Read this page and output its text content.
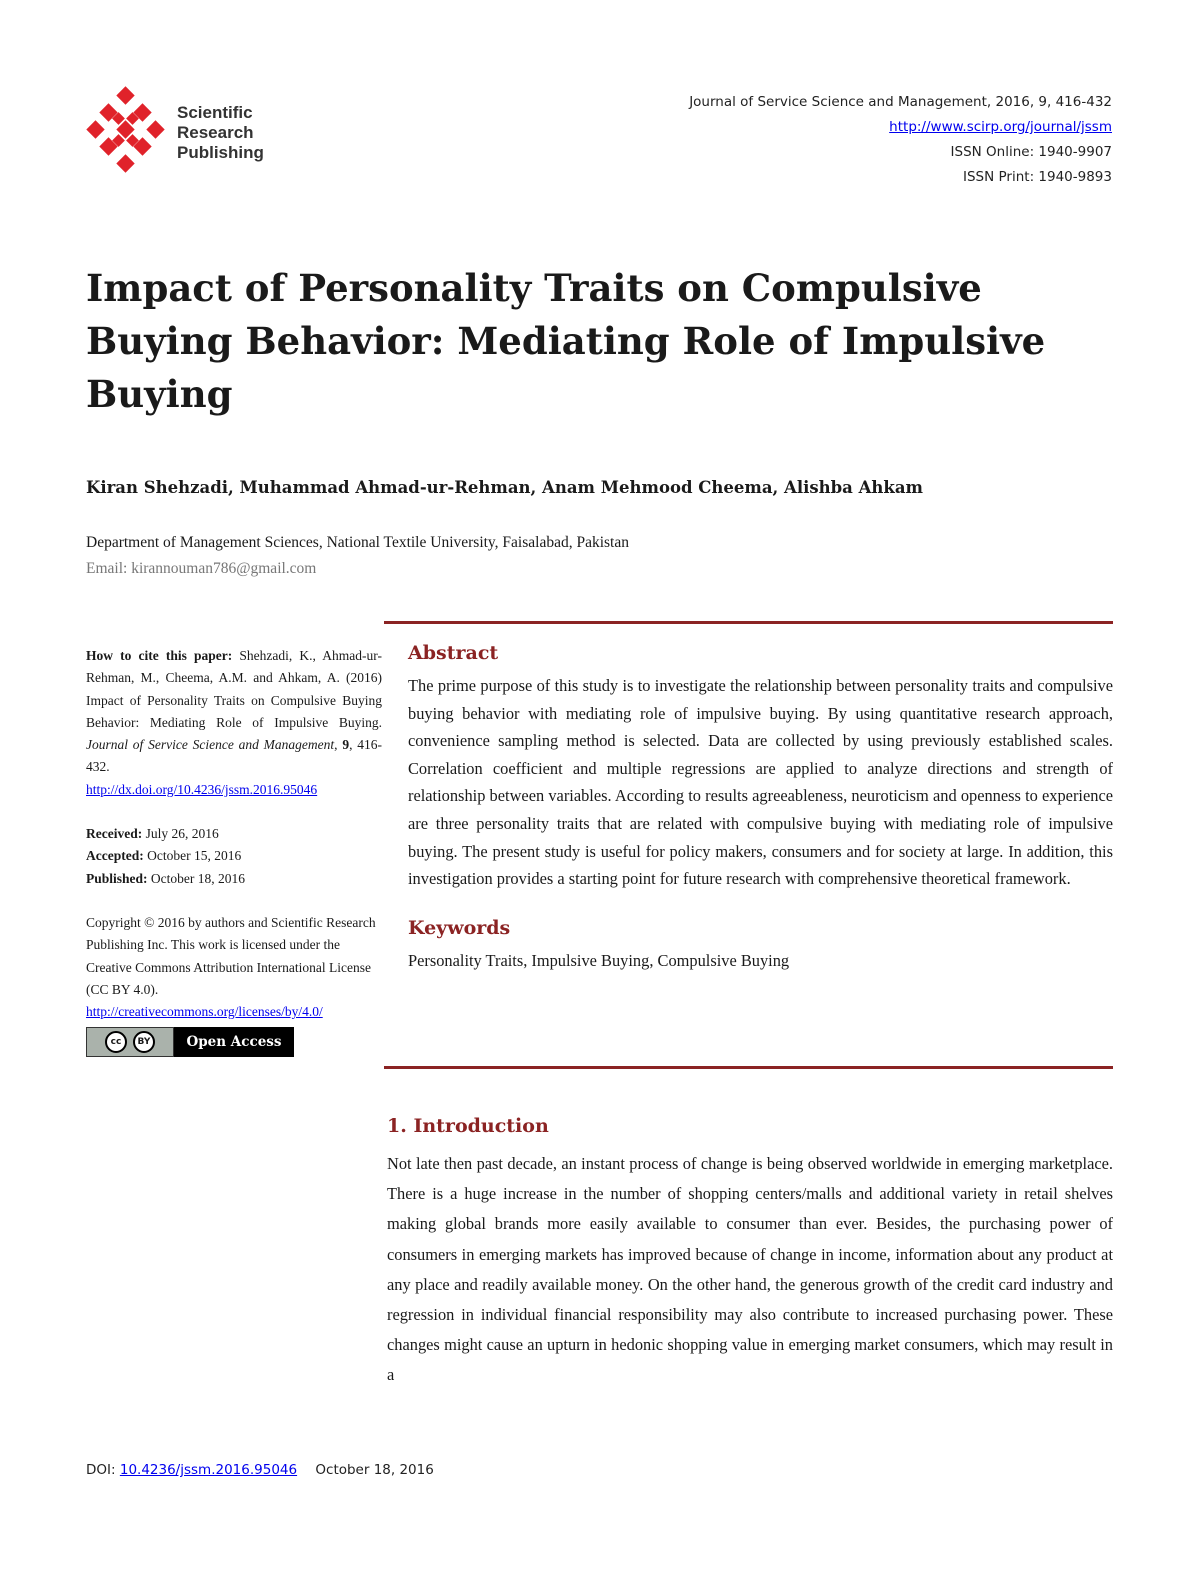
Scientific
Research
Publishing
Journal of Service Science and Management, 2016, 9, 416-432
http://www.scirp.org/journal/jssm
ISSN Online: 1940-9907
ISSN Print: 1940-9893
Impact of Personality Traits on Compulsive Buying Behavior: Mediating Role of Impulsive Buying

Kiran Shehzadi, Muhammad Ahmad-ur-Rehman, Anam Mehmood Cheema, Alishba Ahkam

Department of Management Sciences, National Textile University, Faisalabad, Pakistan
Email: kirannouman786@gmail.com
How to cite this paper: Shehzadi, K., Ahmad-ur-Rehman, M., Cheema, A.M. and Ahkam, A. (2016) Impact of Personality Traits on Compulsive Buying Behavior: Mediating Role of Impulsive Buying. Journal of Service Science and Management, 9, 416-432.
http://dx.doi.org/10.4236/jssm.2016.95046
Received: July 26, 2016
Accepted: October 15, 2016
Published: October 18, 2016
Copyright © 2016 by authors and Scientific Research Publishing Inc. This work is licensed under the Creative Commons Attribution International License (CC BY 4.0).
http://creativecommons.org/licenses/by/4.0/
cc	BY	Open Access
Abstract

The prime purpose of this study is to investigate the relationship between personality traits and compulsive buying behavior with mediating role of impulsive buying. By using quantitative research approach, convenience sampling method is selected. Data are collected by using previously established scales. Correlation coefficient and multiple regressions are applied to analyze directions and strength of relationship between variables. According to results agreeableness, neuroticism and openness to experience are three personality traits that are related with compulsive buying with mediating role of impulsive buying. The present study is useful for policy makers, consumers and for society at large. In addition, this investigation provides a starting point for future research with comprehensive theoretical framework.

Keywords

Personality Traits, Impulsive Buying, Compulsive Buying

1. Introduction

Not late then past decade, an instant process of change is being observed worldwide in emerging marketplace. There is a huge increase in the number of shopping centers/malls and additional variety in retail shelves making global brands more easily available to consumer than ever. Besides, the purchasing power of consumers in emerging markets has improved because of change in income, information about any product at any place and readily available money. On the other hand, the generous growth of the credit card industry and regression in individual financial responsibility may also contribute to increased purchasing power. These changes might cause an upturn in hedonic shopping value in emerging market consumers, which may result in a

DOI: 10.4236/jssm.2016.95046 October 18, 2016
